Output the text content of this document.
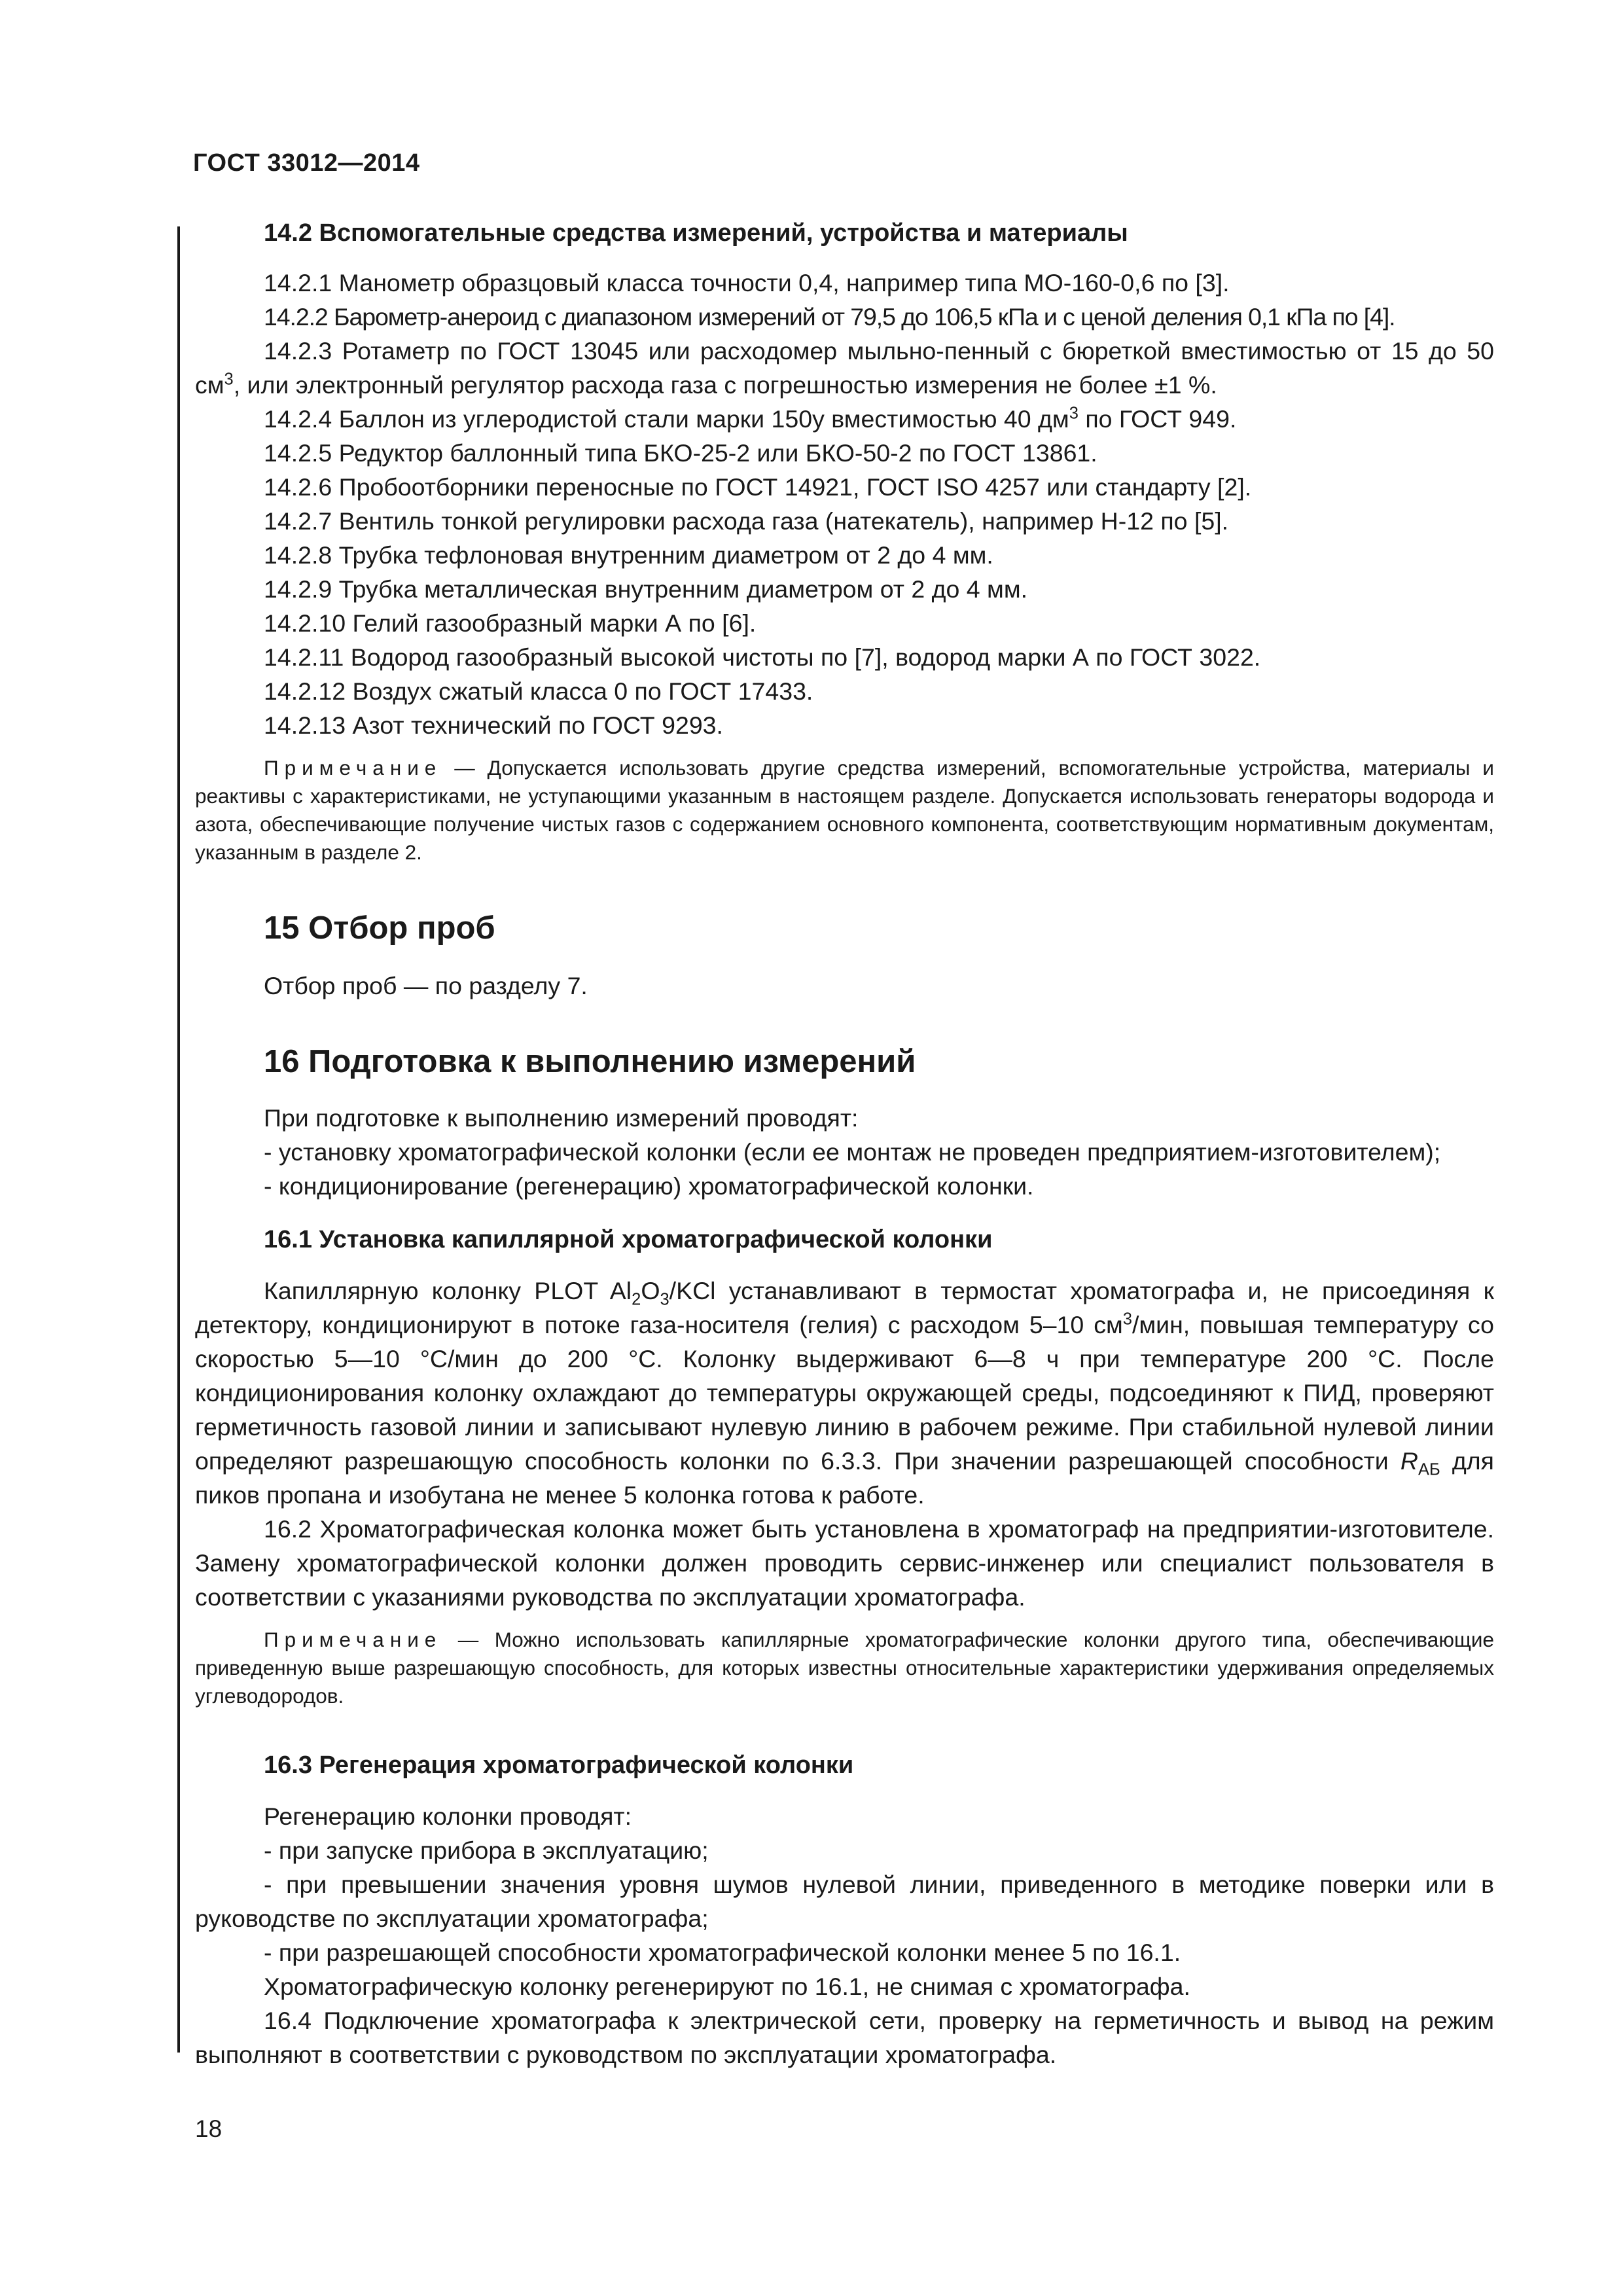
ГОСТ 33012—2014
14.2 Вспомогательные средства измерений, устройства и материалы

14.2.1 Манометр образцовый класса точности 0,4, например типа МО-160-0,6 по [3].

14.2.2 Барометр-анероид с диапазоном измерений от 79,5 до 106,5 кПа и с ценой деления 0,1 кПа по [4].

14.2.3 Ротаметр по ГОСТ 13045 или расходомер мыльно-пенный с бюреткой вместимостью от 15 до 50 $см^3$, или электронный регулятор расхода газа с погрешностью измерения не более ±1 %.

14.2.4 Баллон из углеродистой стали марки 150у вместимостью 40 $дм^3$ по ГОСТ 949.

14.2.5 Редуктор баллонный типа БКО-25-2 или БКО-50-2 по ГОСТ 13861.

14.2.6 Пробоотборники переносные по ГОСТ 14921, ГОСТ ISO 4257 или стандарту [2].

14.2.7 Вентиль тонкой регулировки расхода газа (натекатель), например Н-12 по [5].

14.2.8 Трубка тефлоновая внутренним диаметром от 2 до 4 мм.

14.2.9 Трубка металлическая внутренним диаметром от 2 до 4 мм.

14.2.10 Гелий газообразный марки А по [6].

14.2.11 Водород газообразный высокой чистоты по [7], водород марки А по ГОСТ 3022.

14.2.12 Воздух сжатый класса 0 по ГОСТ 17433.

14.2.13 Азот технический по ГОСТ 9293.

Примечание — Допускается использовать другие средства измерений, вспомогательные устройства, материалы и реактивы с характеристиками, не уступающими указанным в настоящем разделе. Допускается использовать генераторы водорода и азота, обеспечивающие получение чистых газов с содержанием основного компонента, соответствующим нормативным документам, указанным в разделе 2.

15 Отбор проб

Отбор проб — по разделу 7.

16 Подготовка к выполнению измерений

При подготовке к выполнению измерений проводят:

- установку хроматографической колонки (если ее монтаж не проведен предприятием-изготовителем);

- кондиционирование (регенерацию) хроматографической колонки.

16.1 Установка капиллярной хроматографической колонки

Капиллярную колонку PLOT $Al_2O_3$/KCl устанавливают в термостат хроматографа и, не присоединяя к детектору, кондиционируют в потоке газа-носителя (гелия) с расходом 5–10 $см^3$/мин, повышая температуру со скоростью 5—10 °С/мин до 200 °С. Колонку выдерживают 6—8 ч при температуре 200 °С. После кондиционирования колонку охлаждают до температуры окружающей среды, подсоединяют к ПИД, проверяют герметичность газовой линии и записывают нулевую линию в рабочем режиме. При стабильной нулевой линии определяют разрешающую способность колонки по 6.3.3. При значении разрешающей способности $R_{АБ}$ для пиков пропана и изобутана не менее 5 колонка готова к работе.

16.2 Хроматографическая колонка может быть установлена в хроматограф на предприятии-изготовителе. Замену хроматографической колонки должен проводить сервис-инженер или специалист пользователя в соответствии с указаниями руководства по эксплуатации хроматографа.

Примечание — Можно использовать капиллярные хроматографические колонки другого типа, обеспечивающие приведенную выше разрешающую способность, для которых известны относительные характеристики удерживания определяемых углеводородов.

16.3 Регенерация хроматографической колонки

Регенерацию колонки проводят:

- при запуске прибора в эксплуатацию;

- при превышении значения уровня шумов нулевой линии, приведенного в методике поверки или в руководстве по эксплуатации хроматографа;

- при разрешающей способности хроматографической колонки менее 5 по 16.1.

Хроматографическую колонку регенерируют по 16.1, не снимая с хроматографа.

16.4 Подключение хроматографа к электрической сети, проверку на герметичность и вывод на режим выполняют в соответствии с руководством по эксплуатации хроматографа.

18
